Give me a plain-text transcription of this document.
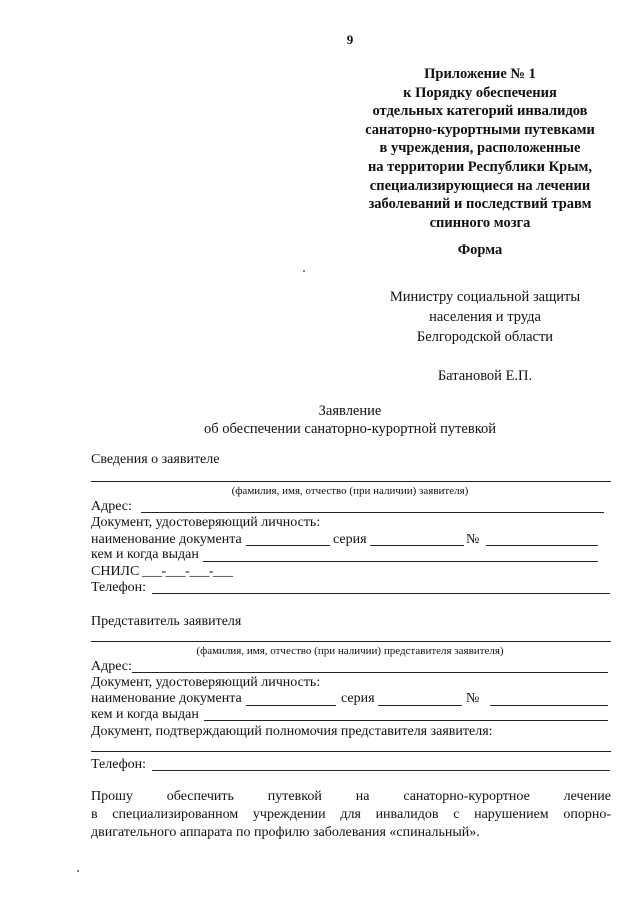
9
Приложение № 1
к Порядку обеспечения
отдельных категорий инвалидов
санаторно-курортными путевками
в учреждения, расположенные
на территории Республики Крым,
специализирующиеся на лечении
заболеваний и последствий травм
спинного мозга
Форма
Министру социальной защиты
населения и труда
Белгородской области
Батановой Е.П.
Заявление
об обеспечении санаторно-курортной путевкой
Сведения о заявителе
(фамилия, имя, отчество (при наличии) заявителя)
Адрес:
Документ, удостоверяющий личность:
наименование документа	серия	№
кем и когда выдан
СНИЛС ___-___-___-___
Телефон:
Представитель заявителя
(фамилия, имя, отчество (при наличии) представителя заявителя)
Адрес:
Документ, удостоверяющий личность:
наименование документа	серия	№
кем и когда выдан
Документ, подтверждающий полномочия представителя заявителя:
Телефон:
Прошу обеспечить путевкой на санаторно-курортное лечение
в специализированном учреждении для инвалидов с нарушением опорно-
двигательного аппарата по профилю заболевания «спинальный».
